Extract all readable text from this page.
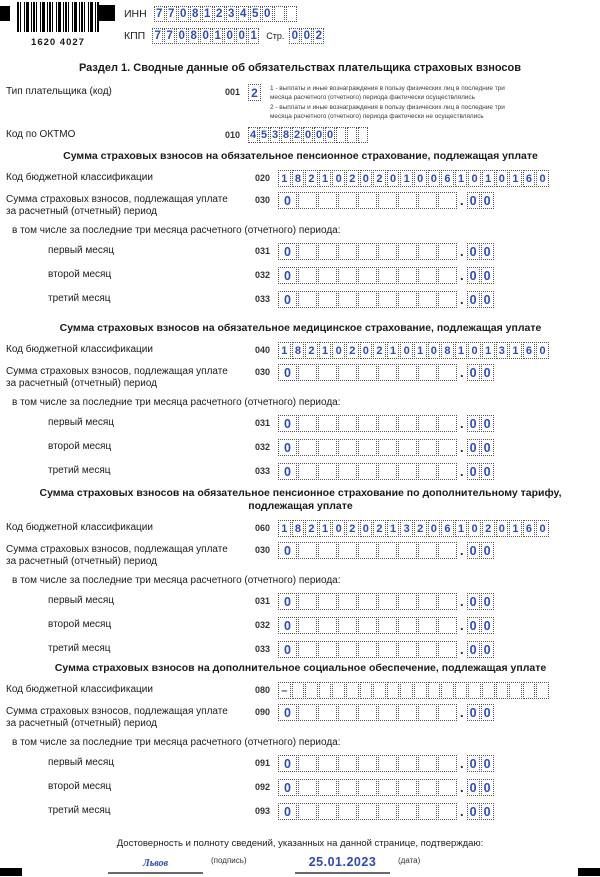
1620 4027
ИНН 7 7 0 8 1 2 3 4 5 0
КПП 7 7 0 8 0 1 0 0 1 Стр. 0 0 2
Раздел 1. Сводные данные об обязательствах плательщика страховых взносов
Тип плательщика (код)	001 2	1 - выплаты и иные вознаграждения в пользу физических лиц в последние три месяца расчетного (отчетного) периода фактически осуществлялись
2 - выплаты и иные вознаграждения в пользу физических лиц в последние три месяца расчетного (отчетного) периода фактически не осуществлялись
Код по ОКТМО	010 4 5 3 8 2 0 0 0
Сумма страховых взносов на обязательное пенсионное страхование, подлежащая уплате
Код бюджетной классификации	020 1 8 2 1 0 2 0 2 0 1 0 0 6 1 0 1 0 1 6 0
Сумма страховых взносов, подлежащая уплате за расчетный (отчетный) период
030	0	. 0 0
в том числе за последние три месяца расчетного (отчетного) периода:
первый месяц	031	0	. 0 0
второй месяц	032	0	. 0 0
третий месяц	033	0	. 0 0
Сумма страховых взносов на обязательное медицинское страхование, подлежащая уплате
Код бюджетной классификации	040 1 8 2 1 0 2 0 2 1 0 1 0 8 1 0 1 3 1 6 0
Сумма страховых взносов, подлежащая уплате за расчетный (отчетный) период
030	0	. 0 0
в том числе за последние три месяца расчетного (отчетного) периода:
первый месяц	031	0	. 0 0
второй месяц	032	0	. 0 0
третий месяц	033	0	. 0 0
Сумма страховых взносов на обязательное пенсионное страхование по дополнительному тарифу, подлежащая уплате
Код бюджетной классификации	060 1 8 2 1 0 2 0 2 1 3 2 0 6 1 0 2 0 1 6 0
Сумма страховых взносов, подлежащая уплате за расчетный (отчетный) период
030	0	. 0 0
в том числе за последние три месяца расчетного (отчетного) периода:
первый месяц	031	0	. 0 0
второй месяц	032	0	. 0 0
третий месяц	033	0	. 0 0
Сумма страховых взносов на дополнительное социальное обеспечение, подлежащая уплате
Код бюджетной классификации	080 –
Сумма страховых взносов, подлежащая уплате за расчетный (отчетный) период
090	0	. 0 0
в том числе за последние три месяца расчетного (отчетного) периода:
первый месяц	091	0	. 0 0
второй месяц	092	0	. 0 0
третий месяц	093	0	. 0 0
Достоверность и полноту сведений, указанных на данной странице, подтверждаю:
Львов	(подпись)	25.01.2023	(дата)
